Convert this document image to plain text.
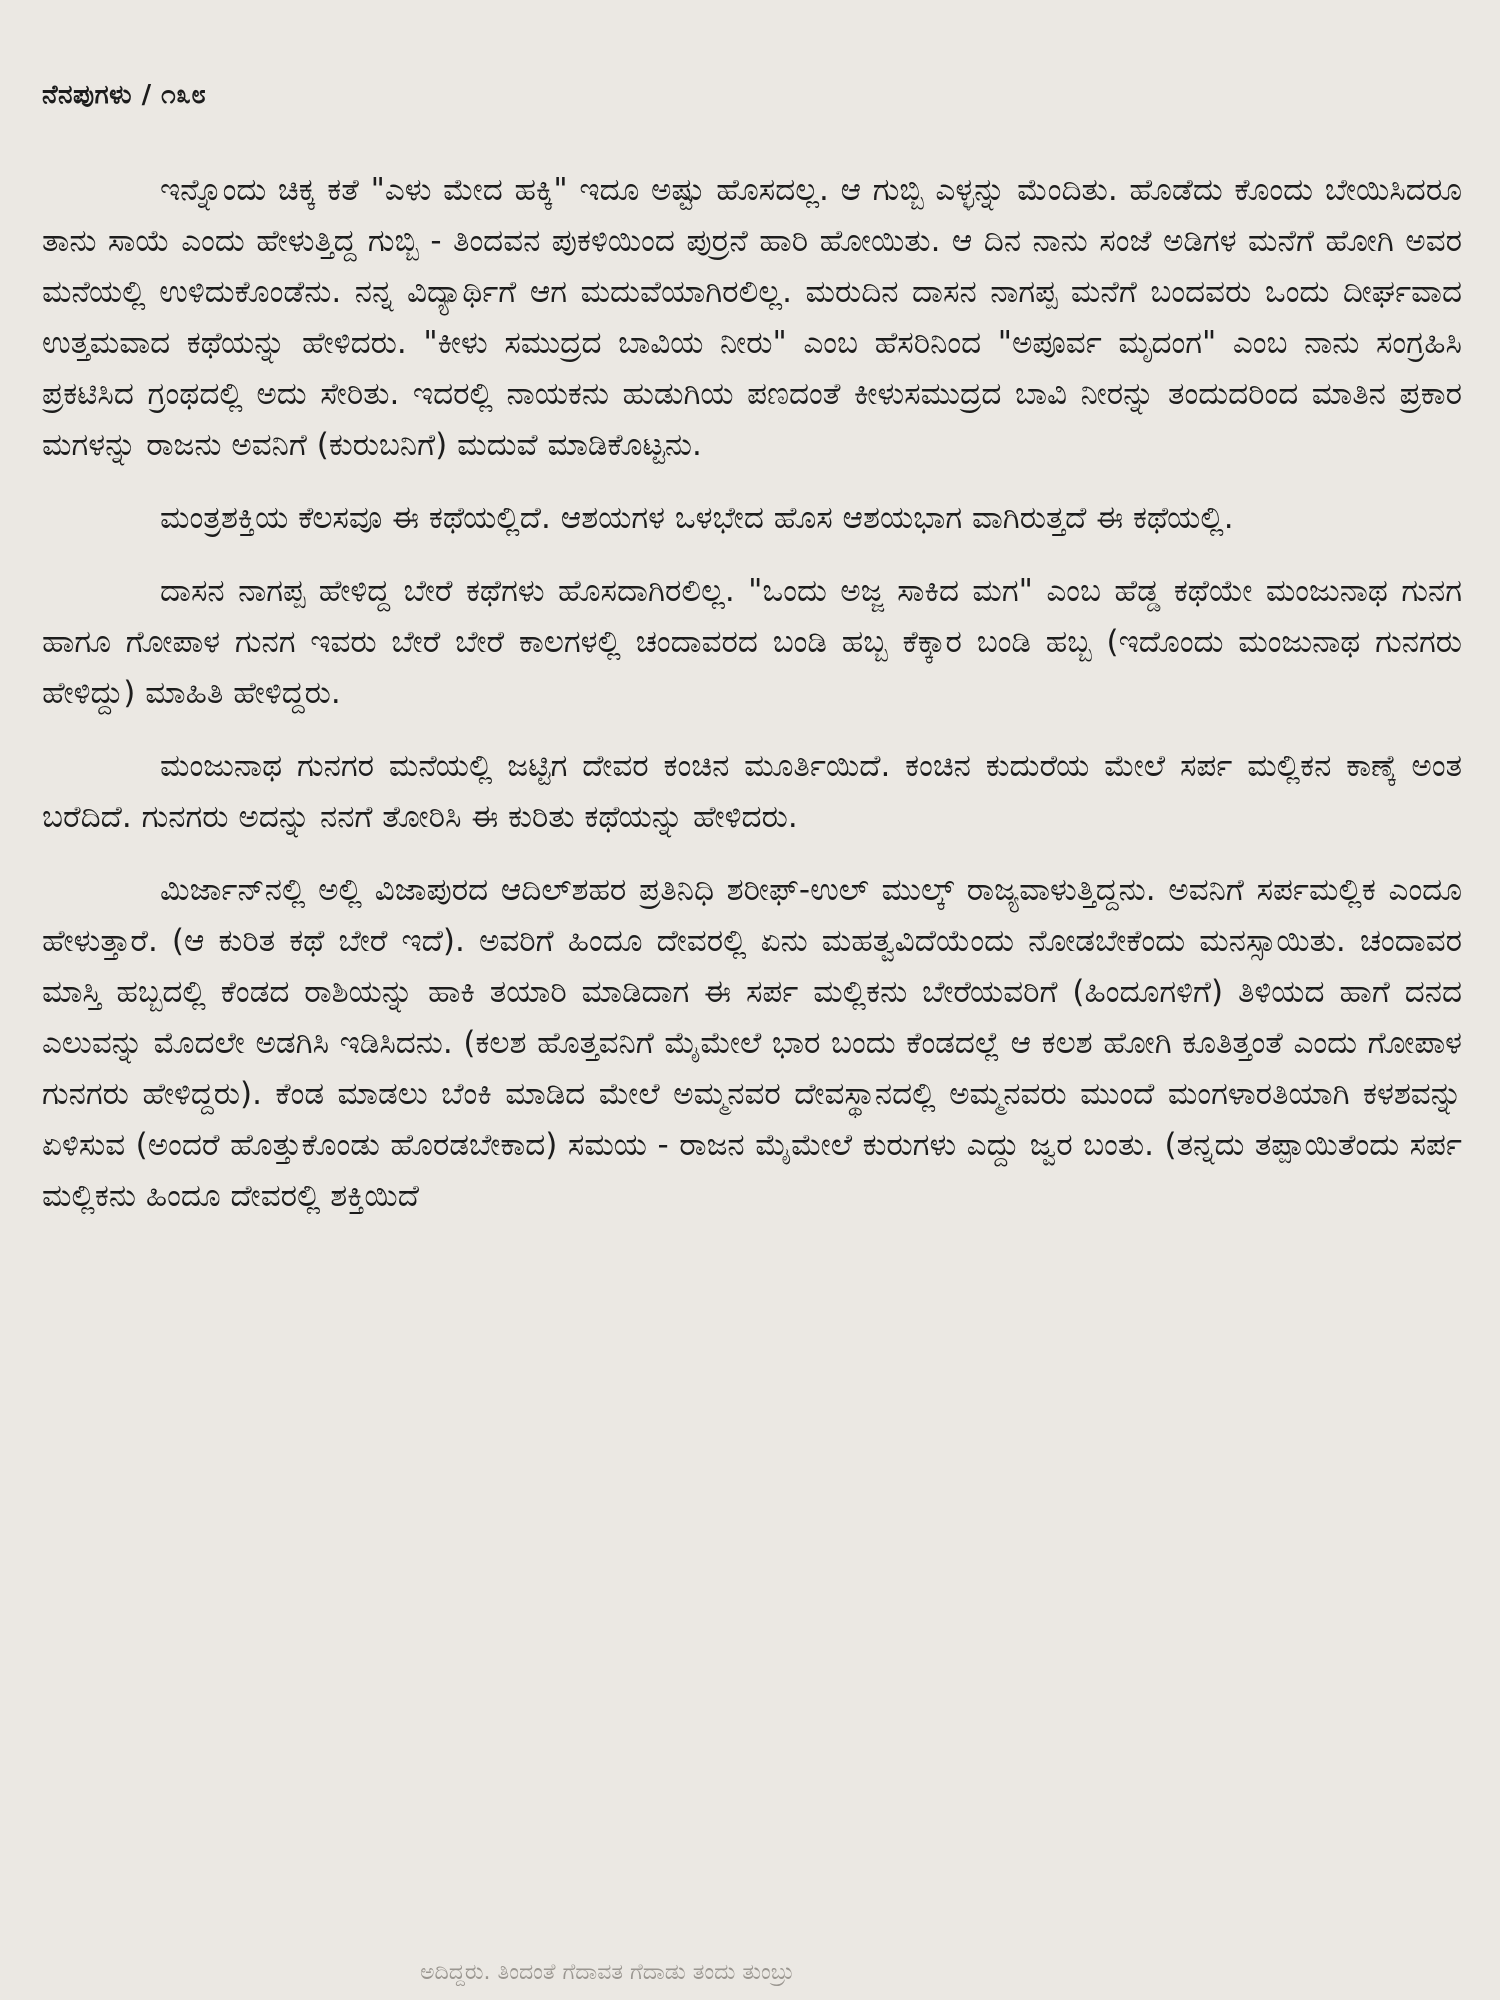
ನೆನಪುಗಳು / ೧೩೮

ಇನ್ನೊಂದು ಚಿಕ್ಕ ಕತೆ "ಎಳು ಮೇದ ಹಕ್ಕಿ" ಇದೂ ಅಷ್ಟು ಹೊಸದಲ್ಲ. ಆ ಗುಬ್ಬಿ ಎಳ್ಳನ್ನು ಮೆಂದಿತು. ಹೊಡೆದು ಕೊಂದು ಬೇಯಿಸಿದರೂ ತಾನು ಸಾಯೆ ಎಂದು ಹೇಳುತ್ತಿದ್ದ ಗುಬ್ಬಿ - ತಿಂದವನ ಪುಕಳಿಯಿಂದ ಪುರ್ರನೆ ಹಾರಿ ಹೋಯಿತು. ಆ ದಿನ ನಾನು ಸಂಜೆ ಅಡಿಗಳ ಮನೆಗೆ ಹೋಗಿ ಅವರ ಮನೆಯಲ್ಲಿ ಉಳಿದುಕೊಂಡೆನು. ನನ್ನ ವಿದ್ಯಾರ್ಥಿಗೆ ಆಗ ಮದುವೆಯಾಗಿರಲಿಲ್ಲ. ಮರುದಿನ ದಾಸನ ನಾಗಪ್ಪ ಮನೆಗೆ ಬಂದವರು ಒಂದು ದೀರ್ಘವಾದ ಉತ್ತಮವಾದ ಕಥೆಯನ್ನು ಹೇಳಿದರು. "ಕೀಳು ಸಮುದ್ರದ ಬಾವಿಯ ನೀರು" ಎಂಬ ಹೆಸರಿನಿಂದ "ಅಪೂರ್ವ ಮೃದಂಗ" ಎಂಬ ನಾನು ಸಂಗ್ರಹಿಸಿ ಪ್ರಕಟಿಸಿದ ಗ್ರಂಥದಲ್ಲಿ ಅದು ಸೇರಿತು. ಇದರಲ್ಲಿ ನಾಯಕನು ಹುಡುಗಿಯ ಪಣದಂತೆ ಕೀಳುಸಮುದ್ರದ ಬಾವಿ ನೀರನ್ನು ತಂದುದರಿಂದ ಮಾತಿನ ಪ್ರಕಾರ ಮಗಳನ್ನು ರಾಜನು ಅವನಿಗೆ (ಕುರುಬನಿಗೆ) ಮದುವೆ ಮಾಡಿಕೊಟ್ಟನು.

ಮಂತ್ರಶಕ್ತಿಯ ಕೆಲಸವೂ ಈ ಕಥೆಯಲ್ಲಿದೆ. ಆಶಯಗಳ ಒಳಭೇದ ಹೊಸ ಆಶಯಭಾಗ ವಾಗಿರುತ್ತದೆ ಈ ಕಥೆಯಲ್ಲಿ.

ದಾಸನ ನಾಗಪ್ಪ ಹೇಳಿದ್ದ ಬೇರೆ ಕಥೆಗಳು ಹೊಸದಾಗಿರಲಿಲ್ಲ. "ಒಂದು ಅಜ್ಜ ಸಾಕಿದ ಮಗ" ಎಂಬ ಹೆಡ್ಡ ಕಥೆಯೇ ಮಂಜುನಾಥ ಗುನಗ ಹಾಗೂ ಗೋಪಾಳ ಗುನಗ ಇವರು ಬೇರೆ ಬೇರೆ ಕಾಲಗಳಲ್ಲಿ ಚಂದಾವರದ ಬಂಡಿ ಹಬ್ಬ ಕೆಕ್ಕಾರ ಬಂಡಿ ಹಬ್ಬ (ಇದೊಂದು ಮಂಜುನಾಥ ಗುನಗರು ಹೇಳಿದ್ದು) ಮಾಹಿತಿ ಹೇಳಿದ್ದರು.

ಮಂಜುನಾಥ ಗುನಗರ ಮನೆಯಲ್ಲಿ ಜಟ್ಟಿಗ ದೇವರ ಕಂಚಿನ ಮೂರ್ತಿಯಿದೆ. ಕಂಚಿನ ಕುದುರೆಯ ಮೇಲೆ ಸರ್ಪ ಮಲ್ಲಿಕನ ಕಾಣ್ಕೆ ಅಂತ ಬರೆದಿದೆ. ಗುನಗರು ಅದನ್ನು ನನಗೆ ತೋರಿಸಿ ಈ ಕುರಿತು ಕಥೆಯನ್ನು ಹೇಳಿದರು.

ಮಿರ್ಜಾನ್‌ನಲ್ಲಿ ಅಲ್ಲಿ ವಿಜಾಪುರದ ಆದಿಲ್‌ಶಹರ ಪ್ರತಿನಿಧಿ ಶರೀಫ್-ಉಲ್ ಮುಲ್ಕ್ ರಾಜ್ಯವಾಳುತ್ತಿದ್ದನು. ಅವನಿಗೆ ಸರ್ಪಮಲ್ಲಿಕ ಎಂದೂ ಹೇಳುತ್ತಾರೆ. (ಆ ಕುರಿತ ಕಥೆ ಬೇರೆ ಇದೆ). ಅವರಿಗೆ ಹಿಂದೂ ದೇವರಲ್ಲಿ ಏನು ಮಹತ್ವವಿದೆಯೆಂದು ನೋಡಬೇಕೆಂದು ಮನಸ್ಸಾಯಿತು. ಚಂದಾವರ ಮಾಸ್ತಿ ಹಬ್ಬದಲ್ಲಿ ಕೆಂಡದ ರಾಶಿಯನ್ನು ಹಾಕಿ ತಯಾರಿ ಮಾಡಿದಾಗ ಈ ಸರ್ಪ ಮಲ್ಲಿಕನು ಬೇರೆಯವರಿಗೆ (ಹಿಂದೂಗಳಿಗೆ) ತಿಳಿಯದ ಹಾಗೆ ದನದ ಎಲುವನ್ನು ಮೊದಲೇ ಅಡಗಿಸಿ ಇಡಿಸಿದನು. (ಕಲಶ ಹೊತ್ತವನಿಗೆ ಮೈಮೇಲೆ ಭಾರ ಬಂದು ಕೆಂಡದಲ್ಲೆ ಆ ಕಲಶ ಹೋಗಿ ಕೂತಿತ್ತಂತೆ ಎಂದು ಗೋಪಾಳ ಗುನಗರು ಹೇಳಿದ್ದರು). ಕೆಂಡ ಮಾಡಲು ಬೆಂಕಿ ಮಾಡಿದ ಮೇಲೆ ಅಮ್ಮನವರ ದೇವಸ್ಥಾನದಲ್ಲಿ ಅಮ್ಮನವರು ಮುಂದೆ ಮಂಗಳಾರತಿಯಾಗಿ ಕಳಶವನ್ನು ಏಳಿಸುವ (ಅಂದರೆ ಹೊತ್ತುಕೊಂಡು ಹೊರಡಬೇಕಾದ) ಸಮಯ - ರಾಜನ ಮೈಮೇಲೆ ಕುರುಗಳು ಎದ್ದು ಜ್ವರ ಬಂತು. (ತನ್ನದು ತಪ್ಪಾಯಿತೆಂದು ಸರ್ಪ ಮಲ್ಲಿಕನು ಹಿಂದೂ ದೇವರಲ್ಲಿ ಶಕ್ತಿಯಿದೆ

ಅದಿದ್ದರು. ತಿಂದಂತೆ ಗೆದಾವತ ಗೆದಾಡು ತಂದು ತುಂಬ್ರು
